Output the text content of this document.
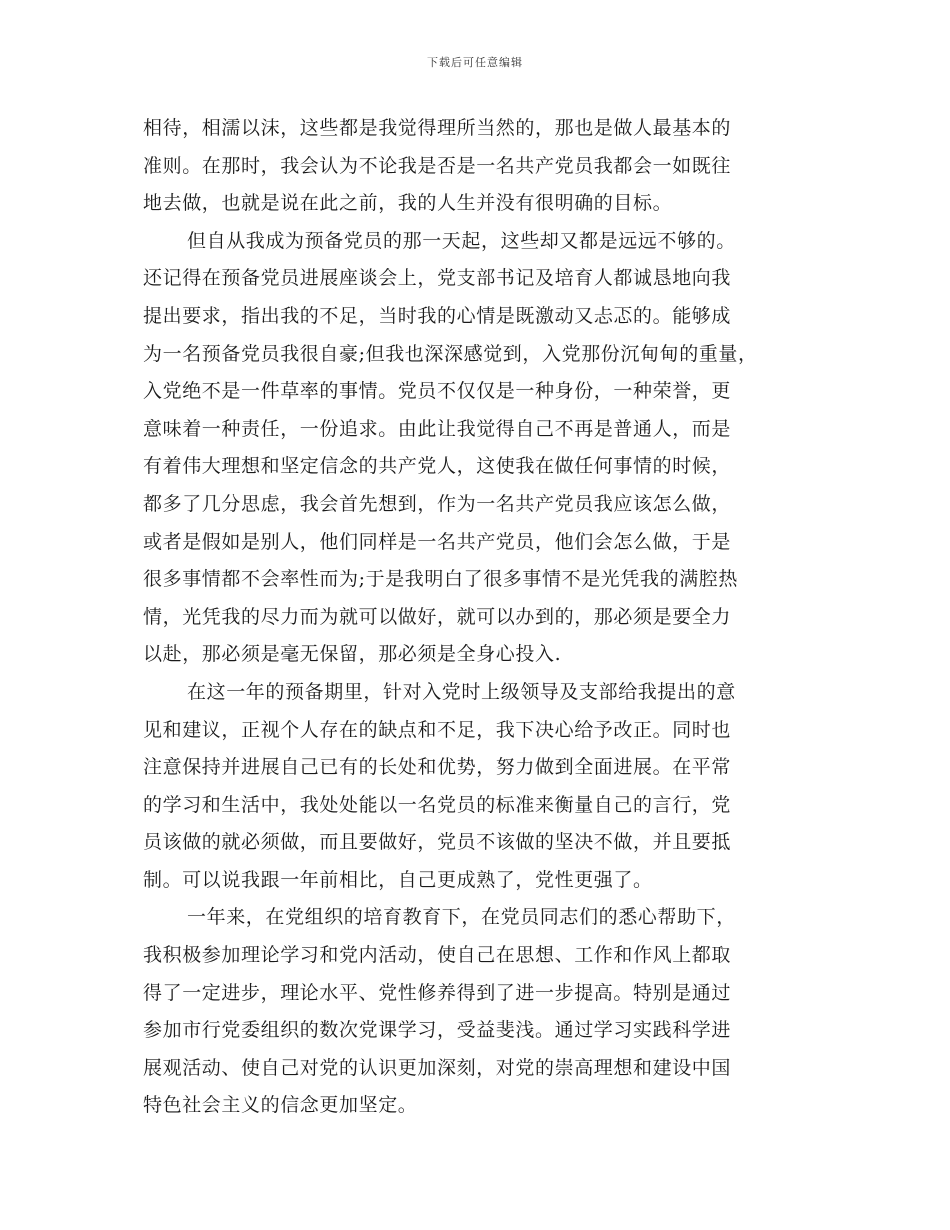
下载后可任意编辑
相待，相濡以沫，这些都是我觉得理所当然的，那也是做人最基本的
准则。在那时，我会认为不论我是否是一名共产党员我都会一如既往
地去做，也就是说在此之前，我的人生并没有很明确的目标。
但自从我成为预备党员的那一天起，这些却又都是远远不够的。
还记得在预备党员进展座谈会上，党支部书记及培育人都诚恳地向我
提出要求，指出我的不足，当时我的心情是既激动又忐忑的。能够成
为一名预备党员我很自豪;但我也深深感觉到，入党那份沉甸甸的重量，
入党绝不是一件草率的事情。党员不仅仅是一种身份，一种荣誉，更
意味着一种责任，一份追求。由此让我觉得自己不再是普通人，而是
有着伟大理想和坚定信念的共产党人，这使我在做任何事情的时候，
都多了几分思虑，我会首先想到，作为一名共产党员我应该怎么做，
或者是假如是别人，他们同样是一名共产党员，他们会怎么做，于是
很多事情都不会率性而为;于是我明白了很多事情不是光凭我的满腔热
情，光凭我的尽力而为就可以做好，就可以办到的，那必须是要全力
以赴，那必须是毫无保留，那必须是全身心投入.
在这一年的预备期里，针对入党时上级领导及支部给我提出的意
见和建议，正视个人存在的缺点和不足，我下决心给予改正。同时也
注意保持并进展自己已有的长处和优势，努力做到全面进展。在平常
的学习和生活中，我处处能以一名党员的标准来衡量自己的言行，党
员该做的就必须做，而且要做好，党员不该做的坚决不做，并且要抵
制。可以说我跟一年前相比，自己更成熟了，党性更强了。
一年来，在党组织的培育教育下，在党员同志们的悉心帮助下，
我积极参加理论学习和党内活动，使自己在思想、工作和作风上都取
得了一定进步，理论水平、党性修养得到了进一步提高。特别是通过
参加市行党委组织的数次党课学习，受益斐浅。通过学习实践科学进
展观活动、使自己对党的认识更加深刻，对党的崇高理想和建设中国
特色社会主义的信念更加坚定。
